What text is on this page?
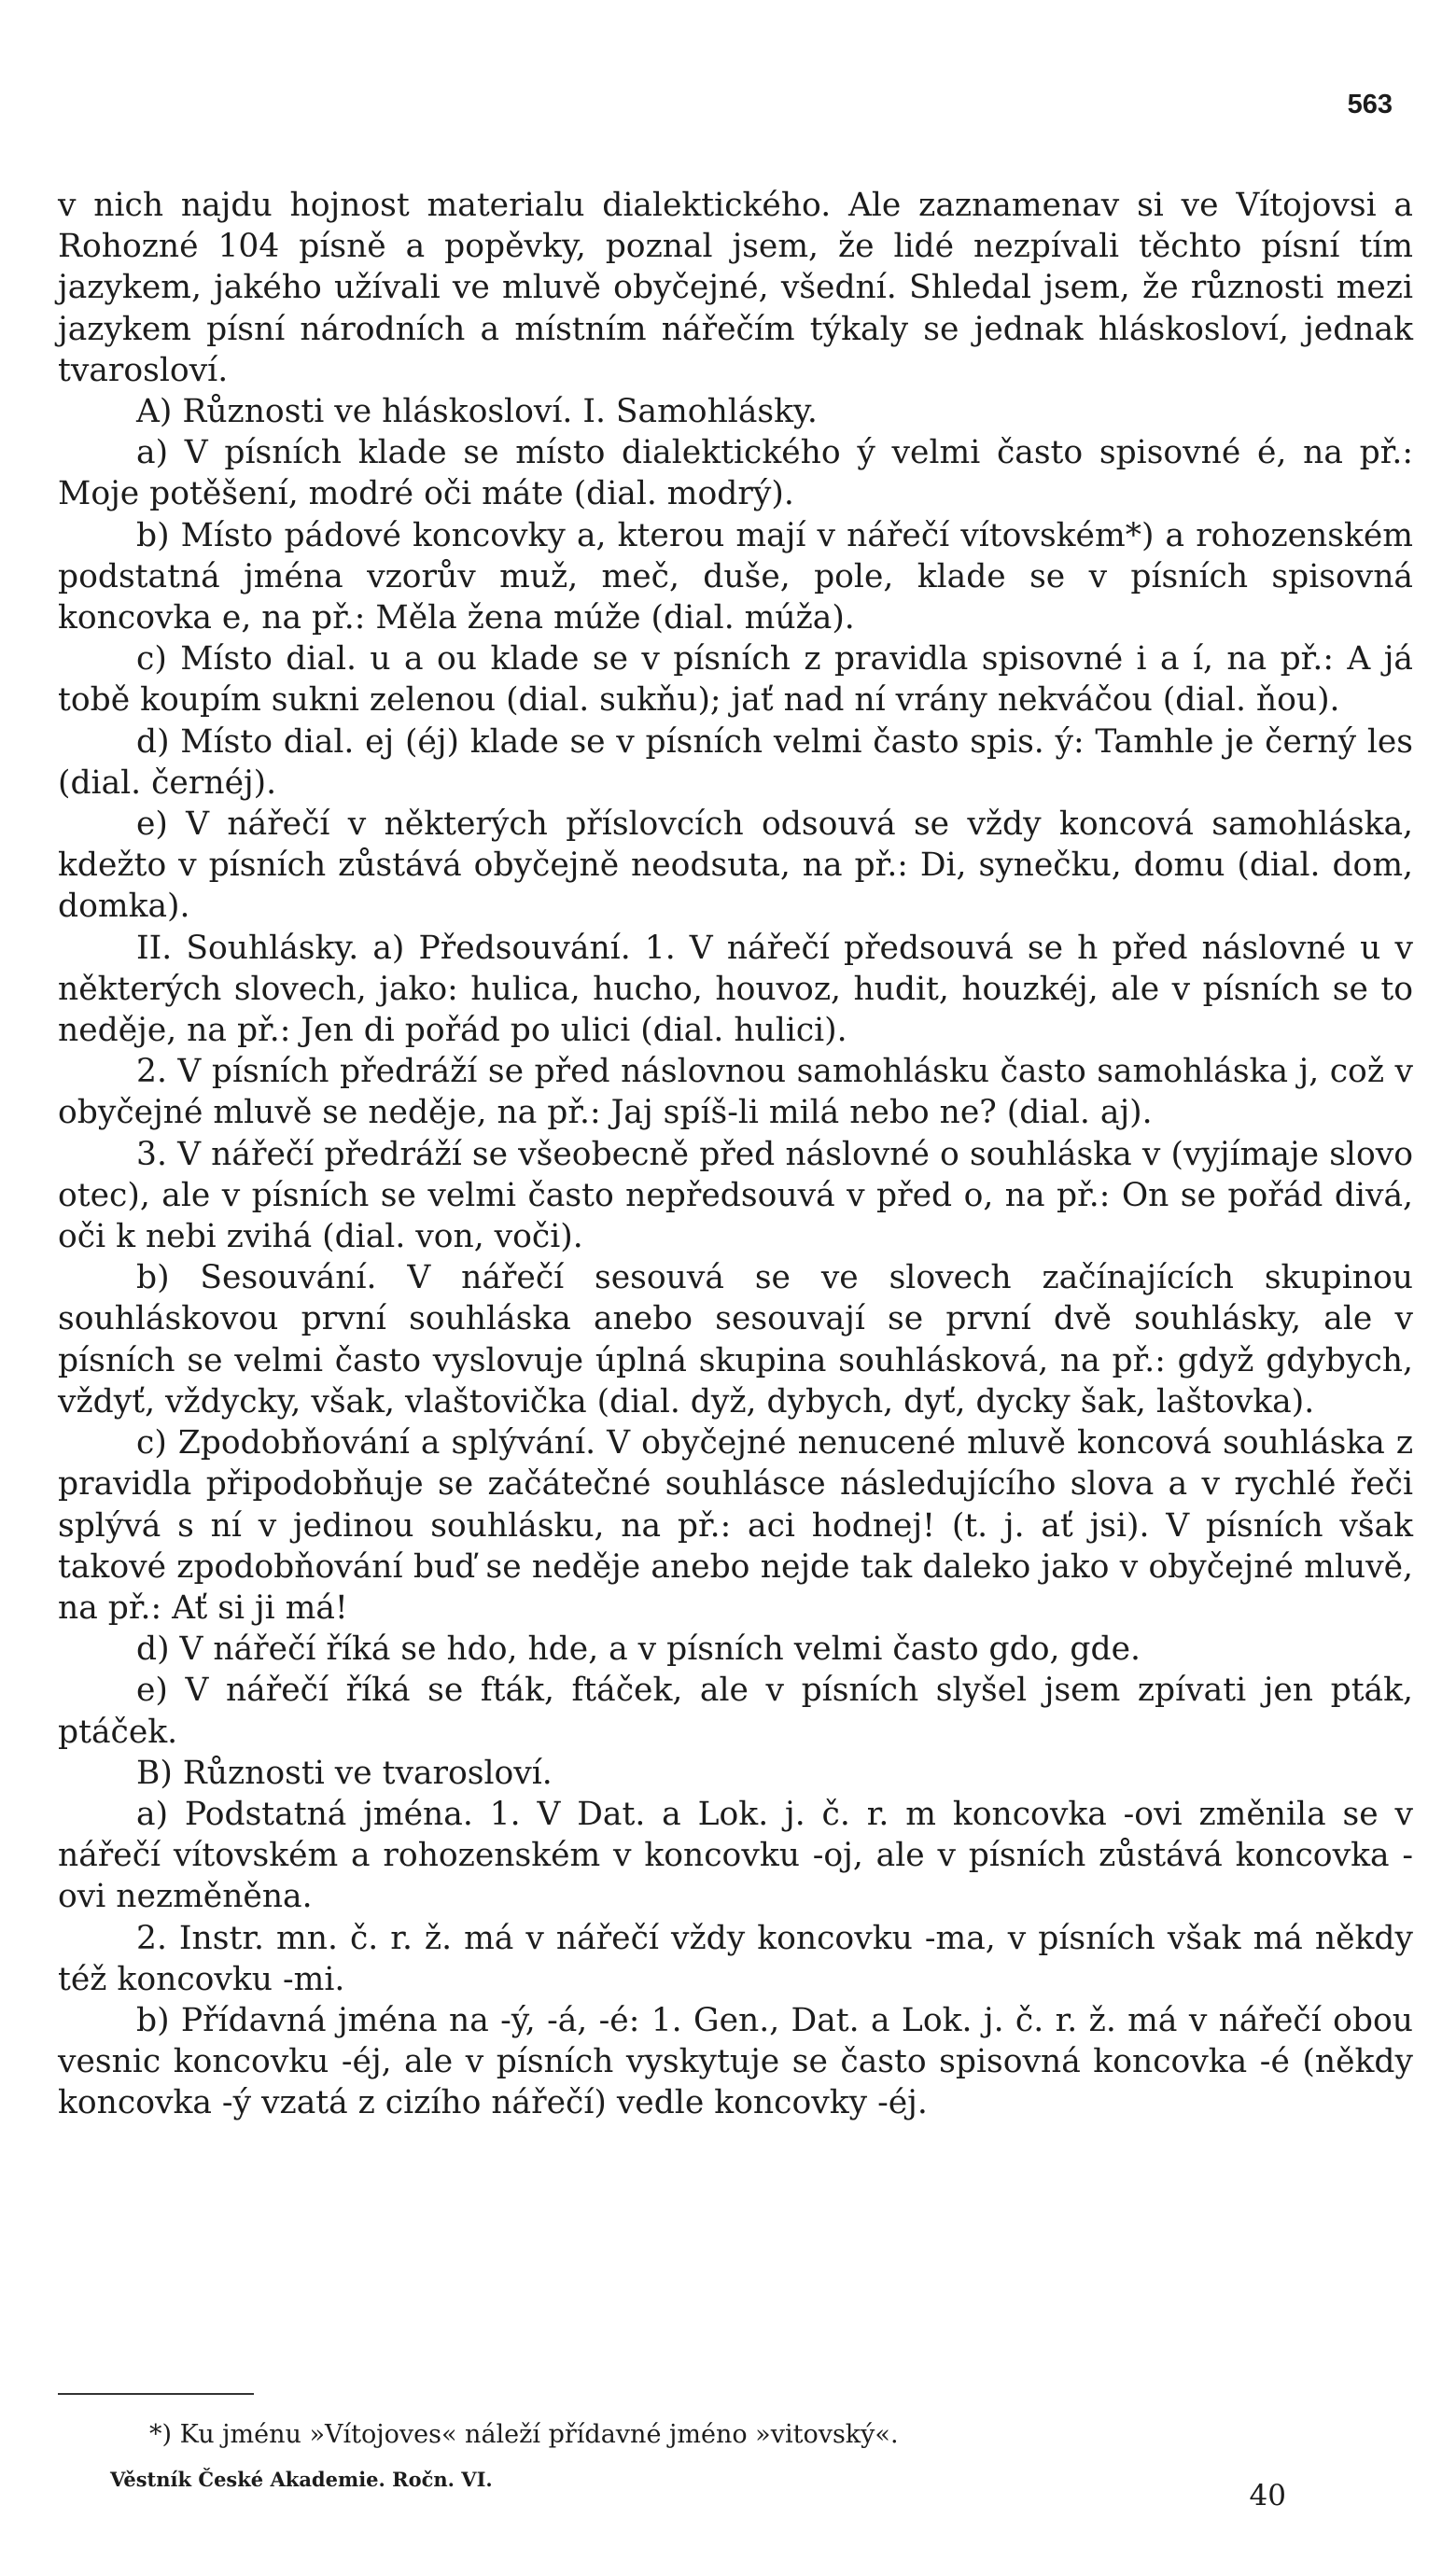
563

v nich najdu hojnost materialu dialektického. Ale zaznamenav si ve Vítojovsi a Rohozné 104 písně a popěvky, poznal jsem, že lidé nezpívali těchto písní tím jazykem, jakého užívali ve mluvě obyčejné, všední. Shledal jsem, že různosti mezi jazykem písní národních a místním nářečím týkaly se jednak hláskosloví, jednak tvarosloví.

A) Různosti ve hláskosloví. I. Samohlásky.

a) V písních klade se místo dialektického ý velmi často spisovné é, na př.: Moje potěšení, modré oči máte (dial. modrý).

b) Místo pádové koncovky a, kterou mají v nářečí vítovském*) a rohozenském podstatná jména vzorův muž, meč, duše, pole, klade se v písních spisovná koncovka e, na př.: Měla žena múže (dial. múža).

c) Místo dial. u a ou klade se v písních z pravidla spisovné i a í, na př.: A já tobě koupím sukni zelenou (dial. sukňu); jať nad ní vrány nekváčou (dial. ňou).

d) Místo dial. ej (éj) klade se v písních velmi často spis. ý: Tamhle je černý les (dial. černéj).

e) V nářečí v některých příslovcích odsouvá se vždy koncová samohláska, kdežto v písních zůstává obyčejně neodsuta, na př.: Di, synečku, domu (dial. dom, domka).

II. Souhlásky. a) Předsouvání. 1. V nářečí předsouvá se h před náslovné u v některých slovech, jako: hulica, hucho, houvoz, hudit, houzkéj, ale v písních se to neděje, na př.: Jen di pořád po ulici (dial. hulici).

2. V písních předráží se před náslovnou samohlásku často samohláska j, což v obyčejné mluvě se neděje, na př.: Jaj spíš-li milá nebo ne? (dial. aj).

3. V nářečí předráží se všeobecně před náslovné o souhláska v (vyjímaje slovo otec), ale v písních se velmi často nepředsouvá v před o, na př.: On se pořád divá, oči k nebi zvihá (dial. von, voči).

b) Sesouvání. V nářečí sesouvá se ve slovech začínajících skupinou souhláskovou první souhláska anebo sesouvají se první dvě souhlásky, ale v písních se velmi často vyslovuje úplná skupina souhlásková, na př.: gdyž gdybych, vždyť, vždycky, však, vlaštovička (dial. dyž, dybych, dyť, dycky šak, laštovka).

c) Zpodobňování a splývání. V obyčejné nenucené mluvě koncová souhláska z pravidla připodobňuje se začátečné souhlásce následujícího slova a v rychlé řeči splývá s ní v jedinou souhlásku, na př.: aci hodnej! (t. j. ať jsi). V písních však takové zpodobňování buď se neděje anebo nejde tak daleko jako v obyčejné mluvě, na př.: Ať si ji má!

d) V nářečí říká se hdo, hde, a v písních velmi často gdo, gde.

e) V nářečí říká se fták, ftáček, ale v písních slyšel jsem zpívati jen pták, ptáček.

B) Různosti ve tvarosloví.

a) Podstatná jména. 1. V Dat. a Lok. j. č. r. m koncovka -ovi změnila se v nářečí vítovském a rohozenském v koncovku -oj, ale v písních zůstává koncovka -ovi nezměněna.

2. Instr. mn. č. r. ž. má v nářečí vždy koncovku -ma, v písních však má někdy též koncovku -mi.

b) Přídavná jména na -ý, -á, -é: 1. Gen., Dat. a Lok. j. č. r. ž. má v nářečí obou vesnic koncovku -éj, ale v písních vyskytuje se často spisovná koncovka -é (někdy koncovka -ý vzatá z cizího nářečí) vedle koncovky -éj.

*) Ku jménu »Vítojoves« náleží přídavné jméno »vitovský«.
Věstník České Akademie. Ročn. VI.	40
